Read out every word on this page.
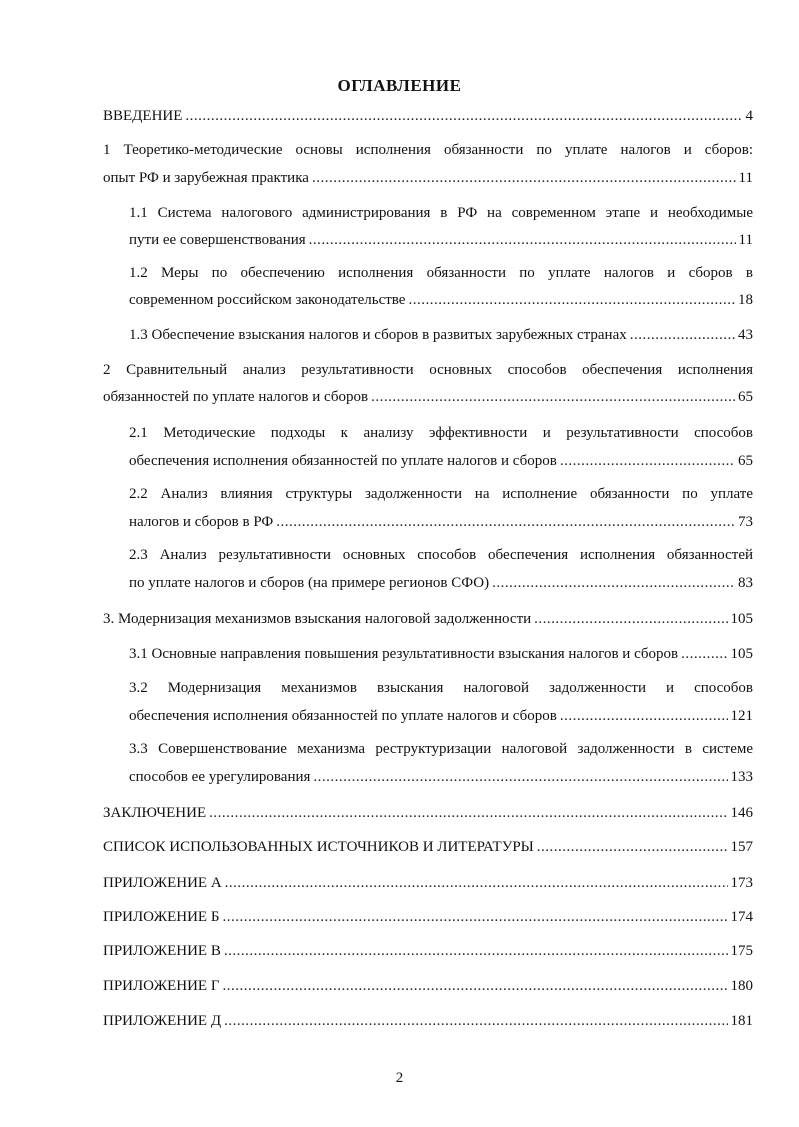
ОГЛАВЛЕНИЕ
ВВЕДЕНИЕ .....	4
1 Теоретико-методические основы исполнения обязанности по уплате налогов и сборов:
опыт РФ и зарубежная практика .....	11
1.1 Система налогового администрирования в РФ на современном этапе и необходимые
пути ее совершенствования .....	11
1.2 Меры по обеспечению исполнения обязанности по уплате налогов и сборов в
современном российском законодательстве .....	18
1.3 Обеспечение взыскания налогов и сборов в развитых зарубежных странах .....	43
2 Сравнительный анализ результативности основных способов обеспечения исполнения
обязанностей по уплате налогов и сборов .....	65
2.1 Методические подходы к анализу эффективности и результативности способов
обеспечения исполнения обязанностей по уплате налогов и сборов .....	65
2.2 Анализ влияния структуры задолженности на исполнение обязанности по уплате
налогов и сборов в РФ .....	73
2.3 Анализ результативности основных способов обеспечения исполнения обязанностей
по уплате налогов и сборов (на примере регионов СФО) .....	83
3. Модернизация механизмов взыскания налоговой задолженности .....	105
3.1 Основные направления повышения результативности взыскания налогов и сборов .....	105
3.2 Модернизация механизмов взыскания налоговой задолженности и способов
обеспечения исполнения обязанностей по уплате налогов и сборов .....	121
3.3 Совершенствование механизма реструктуризации налоговой задолженности в системе
способов ее урегулирования .....	133
ЗАКЛЮЧЕНИЕ .....	146
СПИСОК ИСПОЛЬЗОВАННЫХ ИСТОЧНИКОВ И ЛИТЕРАТУРЫ .....	157
ПРИЛОЖЕНИЕ А .....	173
ПРИЛОЖЕНИЕ Б .....	174
ПРИЛОЖЕНИЕ В .....	175
ПРИЛОЖЕНИЕ Г .....	180
ПРИЛОЖЕНИЕ Д .....	181
2
